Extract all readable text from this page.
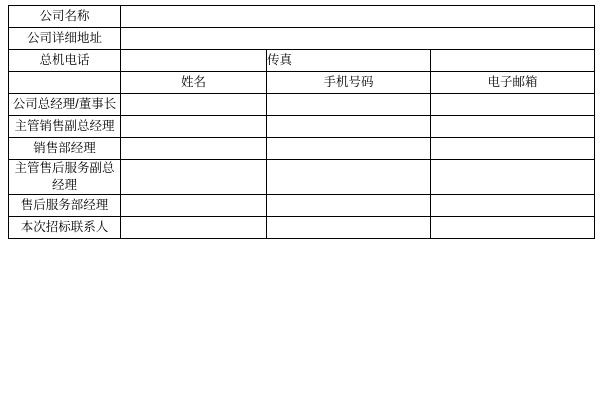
公司名称			
公司详细地址			
总机电话		传真	
	姓名	手机号码	电子邮箱
公司总经理/董事长			
主管销售副总经理			
销售部经理			
主管售后服务副总经理			
售后服务部经理			
本次招标联系人			
